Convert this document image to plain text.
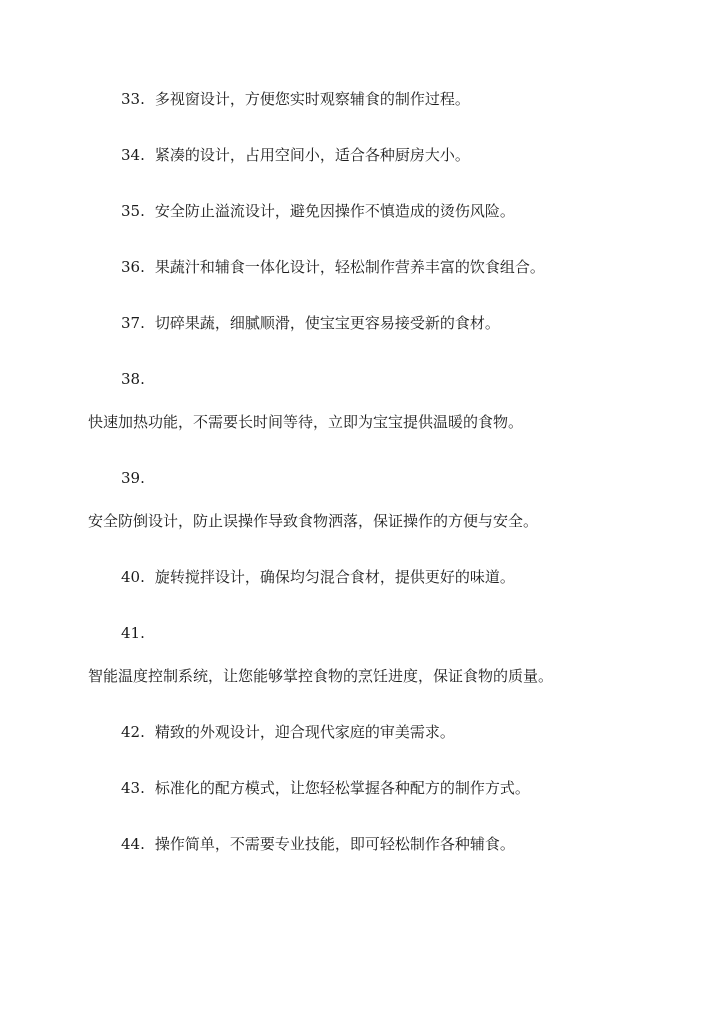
33. 多视窗设计，方便您实时观察辅食的制作过程。
34. 紧凑的设计，占用空间小，适合各种厨房大小。
35. 安全防止溢流设计，避免因操作不慎造成的烫伤风险。
36. 果蔬汁和辅食一体化设计，轻松制作营养丰富的饮食组合。
37. 切碎果蔬，细腻顺滑，使宝宝更容易接受新的食材。
38.
快速加热功能，不需要长时间等待，立即为宝宝提供温暖的食物。
39.
安全防倒设计，防止误操作导致食物洒落，保证操作的方便与安全。
40. 旋转搅拌设计，确保均匀混合食材，提供更好的味道。
41.
智能温度控制系统，让您能够掌控食物的烹饪进度，保证食物的质量。
42. 精致的外观设计，迎合现代家庭的审美需求。
43. 标准化的配方模式，让您轻松掌握各种配方的制作方式。
44. 操作简单，不需要专业技能，即可轻松制作各种辅食。
